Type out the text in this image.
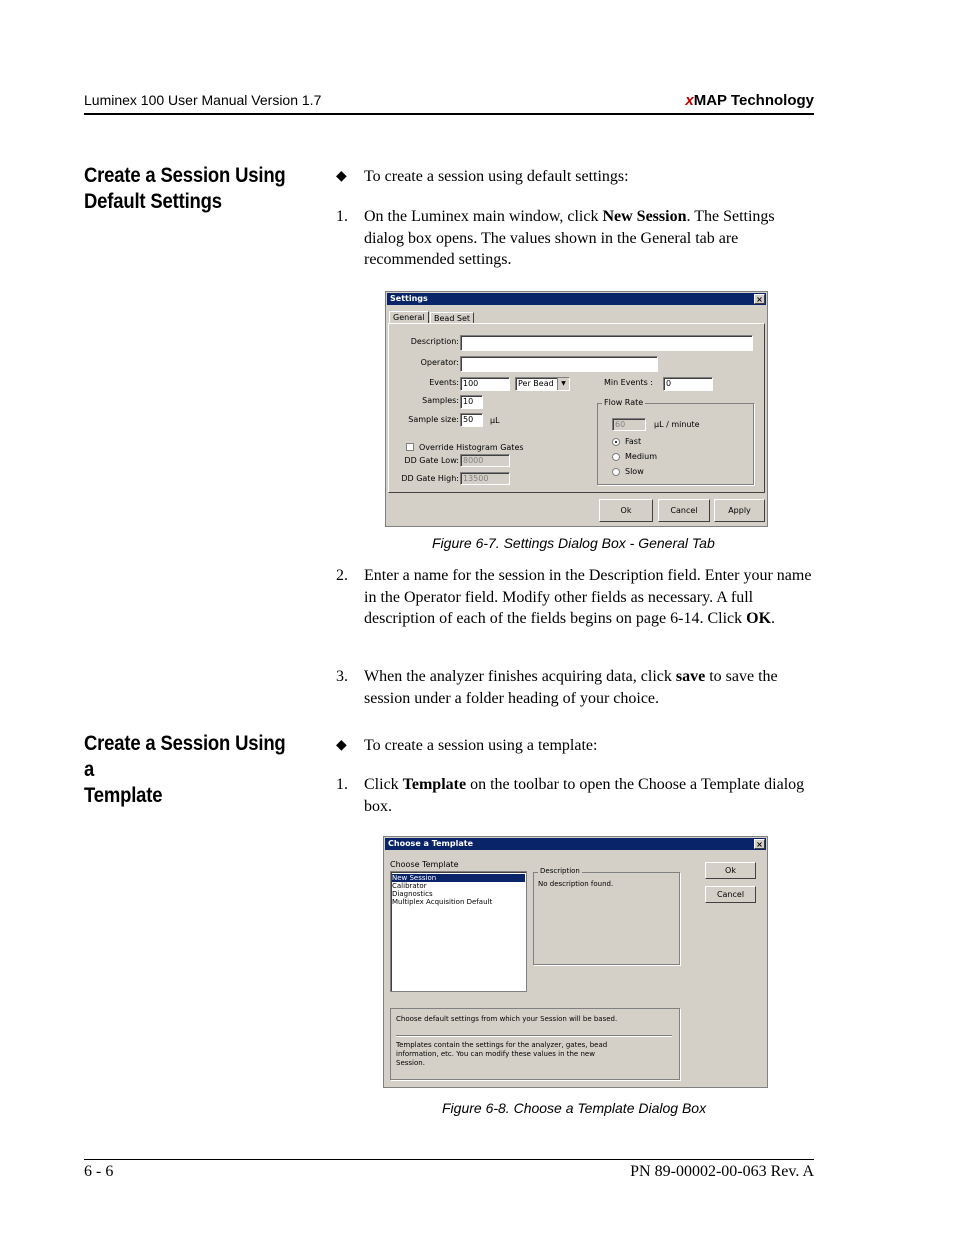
Luminex 100 User Manual Version 1.7	xMAP Technology
Create a Session Using
Default Settings
◆ To create a session using default settings:
1. On the Luminex main window, click New Session. The Settings dialog box opens. The values shown in the General tab are recommended settings.
Settings	×
General	Bead Set
Description:
Operator:
Events: 100	Per Bead	▼	Min Events :	0
Samples: 10
Sample size: 50	µL
Flow Rate
60	µL / minute
Fast
Medium
Slow
Override Histogram Gates
DD Gate Low: 8000
DD Gate High: 13500
Ok	Cancel	Apply
Figure 6-7. Settings Dialog Box - General Tab
2. Enter a name for the session in the Description field. Enter your name in the Operator field. Modify other fields as necessary. A full description of each of the fields begins on page 6-14. Click OK.
3. When the analyzer finishes acquiring data, click save to save the session under a folder heading of your choice.
Create a Session Using a
Template
◆ To create a session using a template:
1. Click Template on the toolbar to open the Choose a Template dialog box.
Choose a Template	×
Choose Template
New Session
Calibrator
Diagnostics
Multiplex Acquisition Default
Description
No description found.
Ok
Cancel
Choose default settings from which your Session will be based.
Templates contain the settings for the analyzer, gates, bead information, etc. You can modify these values in the new Session.
Figure 6-8. Choose a Template Dialog Box
6 - 6	PN 89-00002-00-063 Rev. A
